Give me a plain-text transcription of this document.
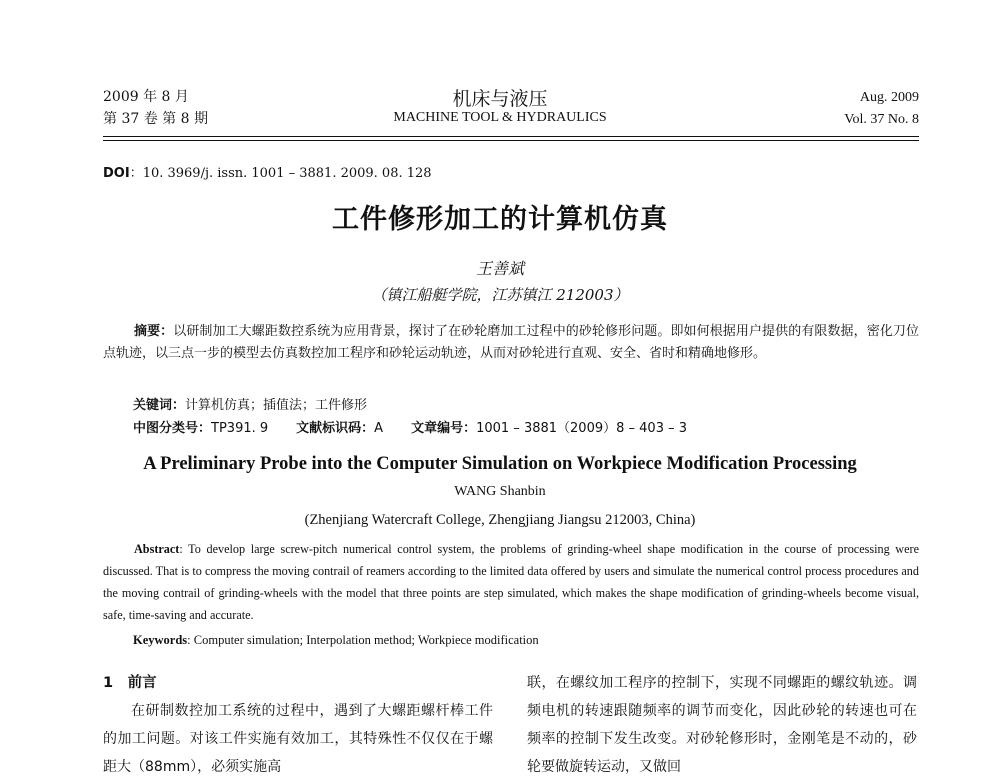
2009 年 8 月
第 37 卷 第 8 期
机床与液压
MACHINE TOOL & HYDRAULICS
Aug. 2009
Vol. 37 No. 8
DOI：10. 3969/j. issn. 1001 – 3881. 2009. 08. 128
工件修形加工的计算机仿真
王善斌
（镇江船艇学院，江苏镇江 212003）
摘要：以研制加工大螺距数控系统为应用背景，探讨了在砂轮磨加工过程中的砂轮修形问题。即如何根据用户提供的有限数据，密化刀位点轨迹，以三点一步的模型去仿真数控加工程序和砂轮运动轨迹，从而对砂轮进行直观、安全、省时和精确地修形。
关键词：计算机仿真；插值法；工件修形
中图分类号：TP391. 9 文献标识码：A 文章编号：1001 – 3881（2009）8 – 403 – 3
A Preliminary Probe into the Computer Simulation on Workpiece Modification Processing
WANG Shanbin
(Zhenjiang Watercraft College, Zhengjiang Jiangsu 212003, China)
Abstract: To develop large screw-pitch numerical control system, the problems of grinding-wheel shape modification in the course of processing were discussed. That is to compress the moving contrail of reamers according to the limited data offered by users and simulate the numerical control process procedures and the moving contrail of grinding-wheels with the model that three points are step simulated, which makes the shape modification of grinding-wheels become visual, safe, time-saving and accurate.
Keywords: Computer simulation; Interpolation method; Workpiece modification
1　前言
在研制数控加工系统的过程中，遇到了大螺距螺杆棒工件的加工问题。对该工件实施有效加工，其特殊性不仅仅在于螺距大（88mm），必须实施高
联，在螺纹加工程序的控制下，实现不同螺距的螺纹轨迹。调频电机的转速跟随频率的调节而变化，因此砂轮的转速也可在频率的控制下发生改变。对砂轮修形时，金刚笔是不动的，砂轮要做旋转运动，又做回
